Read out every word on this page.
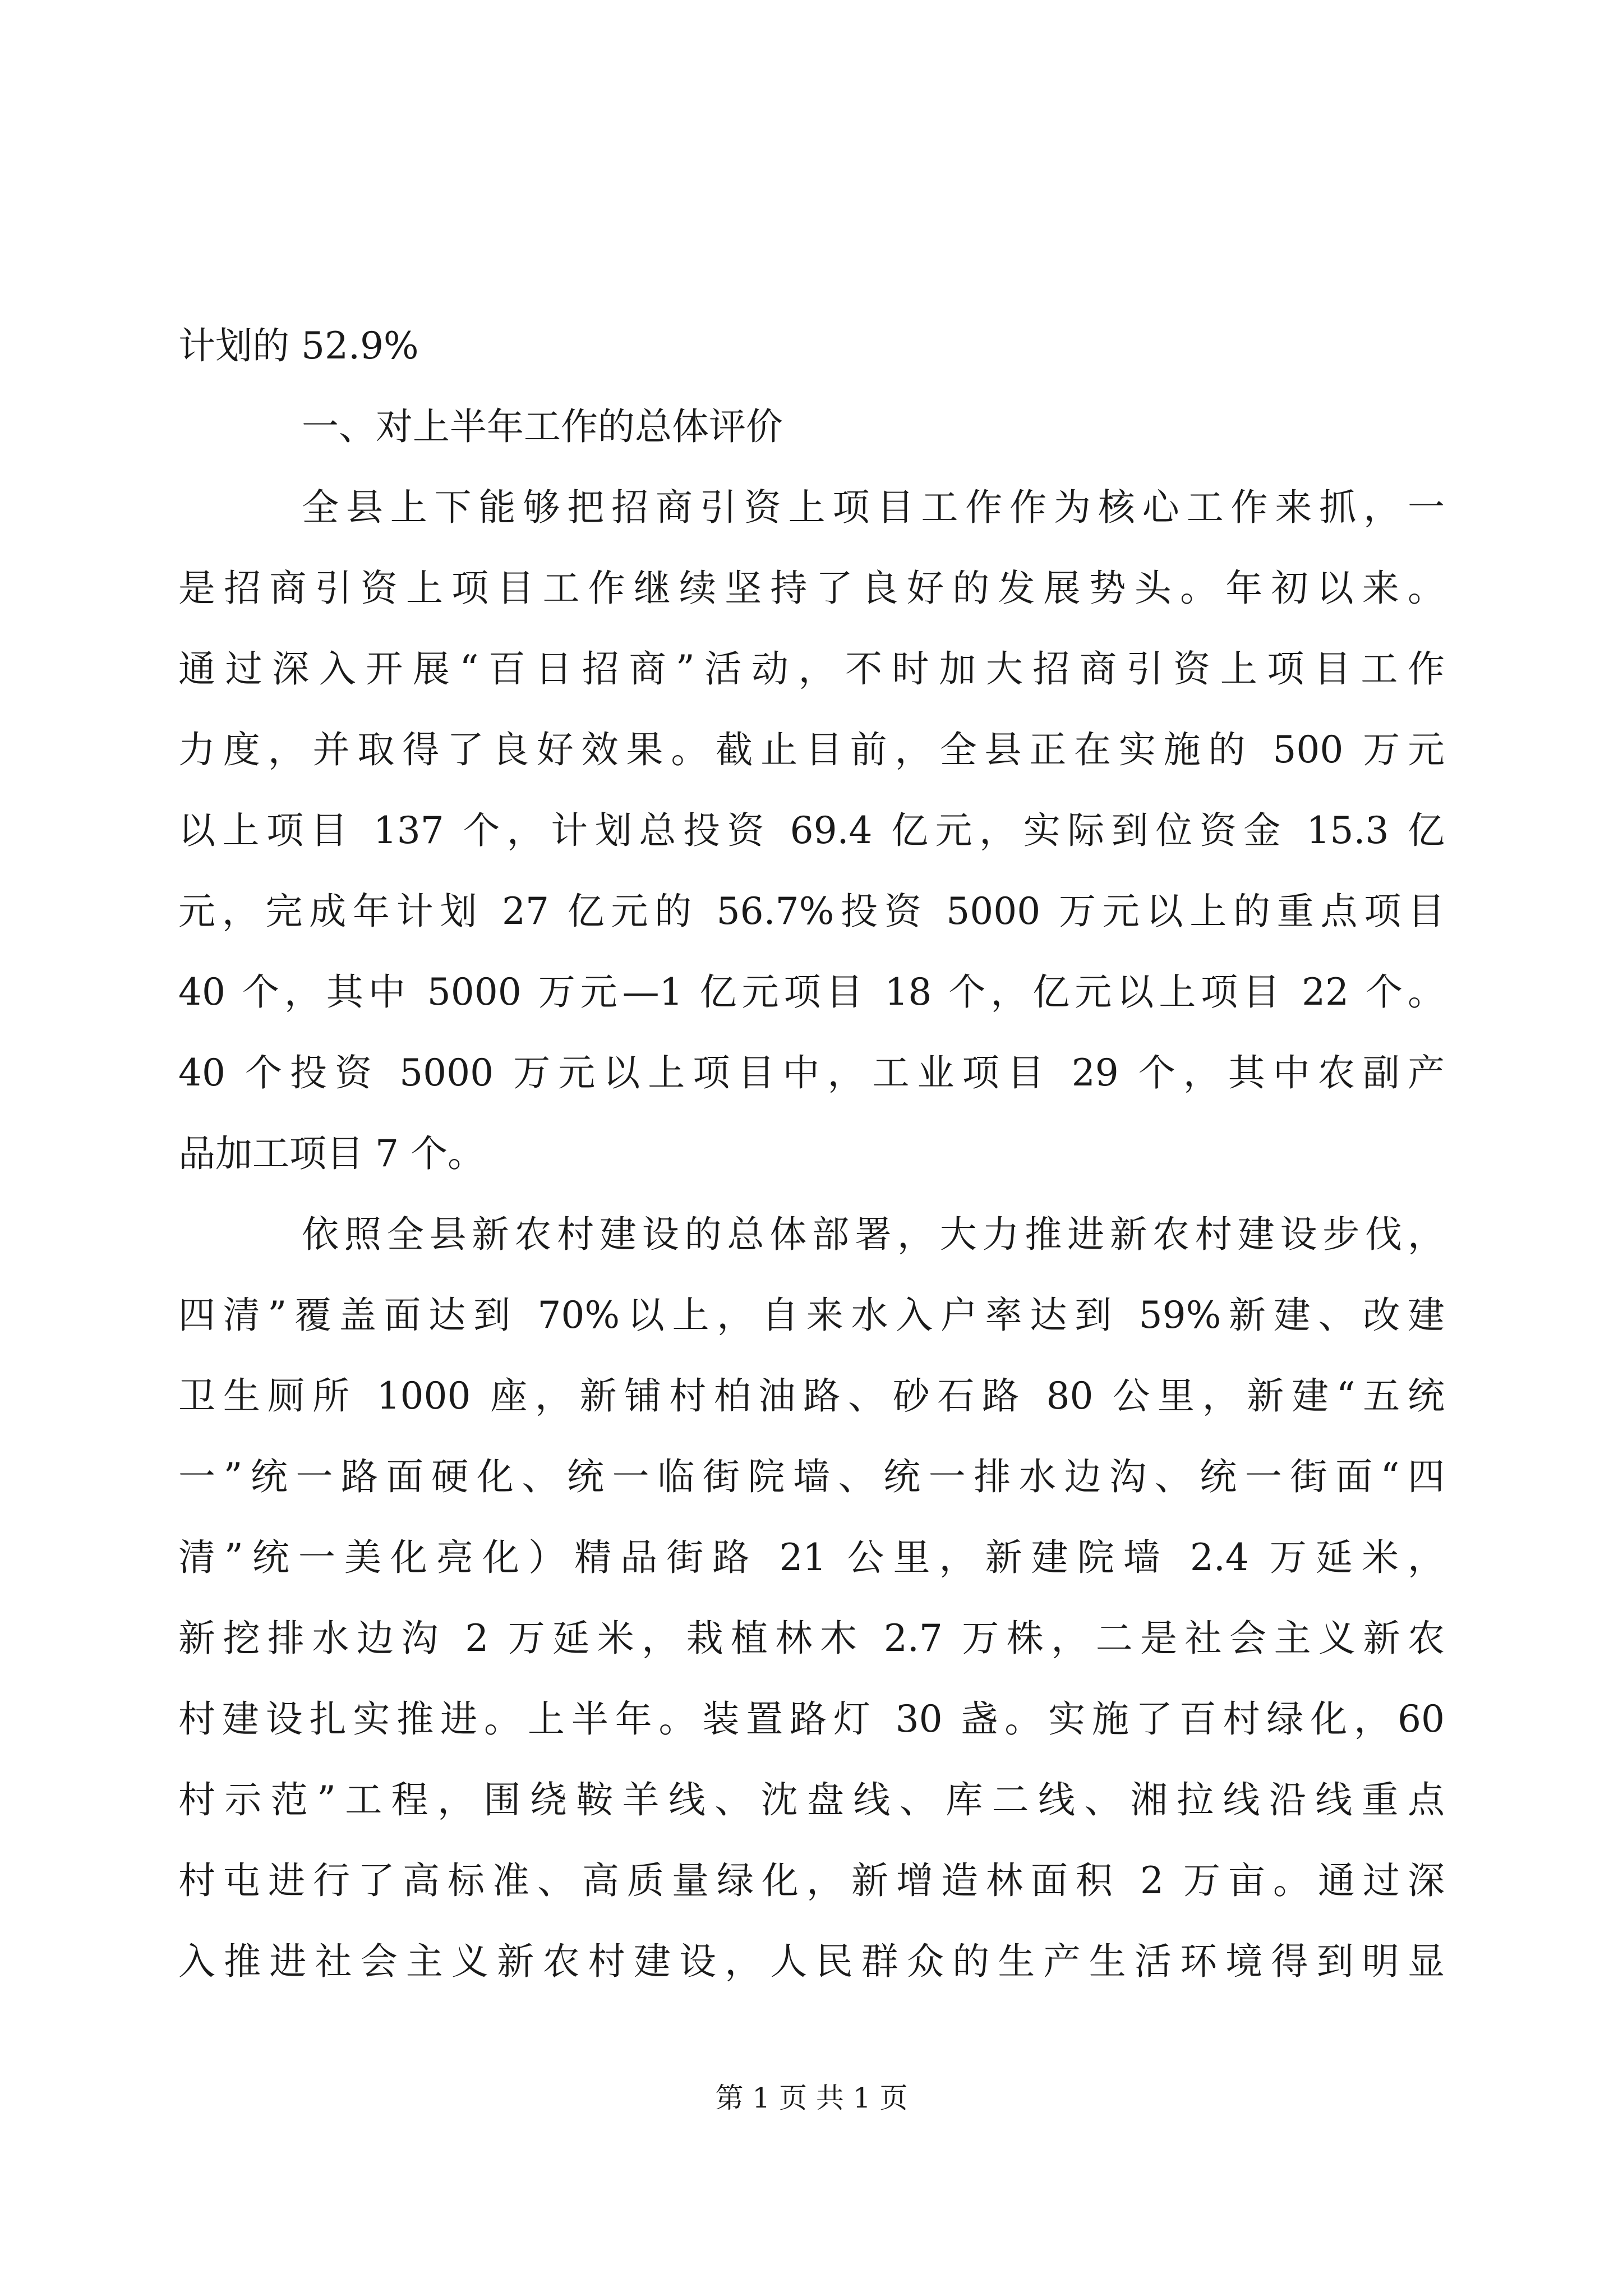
计划的 52.9%
一、对上半年工作的总体评价
全县上下能够把招商引资上项目工作作为核心工作来抓，一
是招商引资上项目工作继续坚持了良好的发展势头。年初以来。
通过深入开展“百日招商”活动，不时加大招商引资上项目工作
力度，并取得了良好效果。截止目前，全县正在实施的 500 万元
以上项目 137 个，计划总投资 69.4 亿元，实际到位资金 15.3 亿
元，完成年计划 27 亿元的 56.7%投资 5000 万元以上的重点项目
40 个，其中 5000 万元—1 亿元项目 18 个，亿元以上项目 22 个。
40 个投资 5000 万元以上项目中，工业项目 29 个，其中农副产
品加工项目 7 个。
依照全县新农村建设的总体部署，大力推进新农村建设步伐，
四清”覆盖面达到 70%以上，自来水入户率达到 59%新建、改建
卫生厕所 1000 座，新铺村柏油路、砂石路 80 公里，新建“五统
一”统一路面硬化、统一临街院墙、统一排水边沟、统一街面“四
清”统一美化亮化）精品街路 21 公里，新建院墙 2.4 万延米，
新挖排水边沟 2 万延米，栽植林木 2.7 万株，二是社会主义新农
村建设扎实推进。上半年。装置路灯 30 盏。实施了百村绿化，60
村示范”工程，围绕鞍羊线、沈盘线、库二线、湘拉线沿线重点
村屯进行了高标准、高质量绿化，新增造林面积 2 万亩。通过深
入推进社会主义新农村建设，人民群众的生产生活环境得到明显
第 1 页 共 1 页
